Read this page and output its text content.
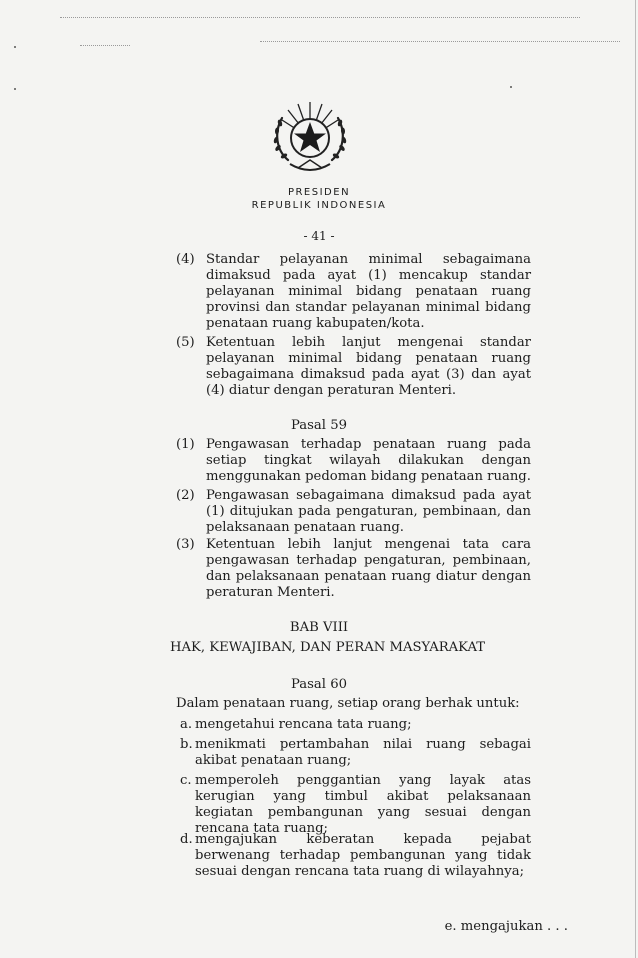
PRESIDEN
REPUBLIK INDONESIA
- 41 -
(4) Standar pelayanan minimal sebagaimana dimaksud pada ayat (1) mencakup standar pelayanan minimal bidang penataan ruang provinsi dan standar pelayanan minimal bidang penataan ruang kabupaten/kota.
(5) Ketentuan lebih lanjut mengenai standar pelayanan minimal bidang penataan ruang sebagaimana dimaksud pada ayat (3) dan ayat (4) diatur dengan peraturan Menteri.
Pasal 59
(1) Pengawasan terhadap penataan ruang pada setiap tingkat wilayah dilakukan dengan menggunakan pedoman bidang penataan ruang.
(2) Pengawasan sebagaimana dimaksud pada ayat (1) ditujukan pada pengaturan, pembinaan, dan pelaksanaan penataan ruang.
(3) Ketentuan lebih lanjut mengenai tata cara pengawasan terhadap pengaturan, pembinaan, dan pelaksanaan penataan ruang diatur dengan peraturan Menteri.
BAB VIII
HAK, KEWAJIBAN, DAN PERAN MASYARAKAT
Pasal 60
Dalam penataan ruang, setiap orang berhak untuk:
a. mengetahui rencana tata ruang;
b. menikmati pertambahan nilai ruang sebagai akibat penataan ruang;
c. memperoleh penggantian yang layak atas kerugian yang timbul akibat pelaksanaan kegiatan pembangunan yang sesuai dengan rencana tata ruang;
d. mengajukan keberatan kepada pejabat berwenang terhadap pembangunan yang tidak sesuai dengan rencana tata ruang di wilayahnya;
e. mengajukan . . .
